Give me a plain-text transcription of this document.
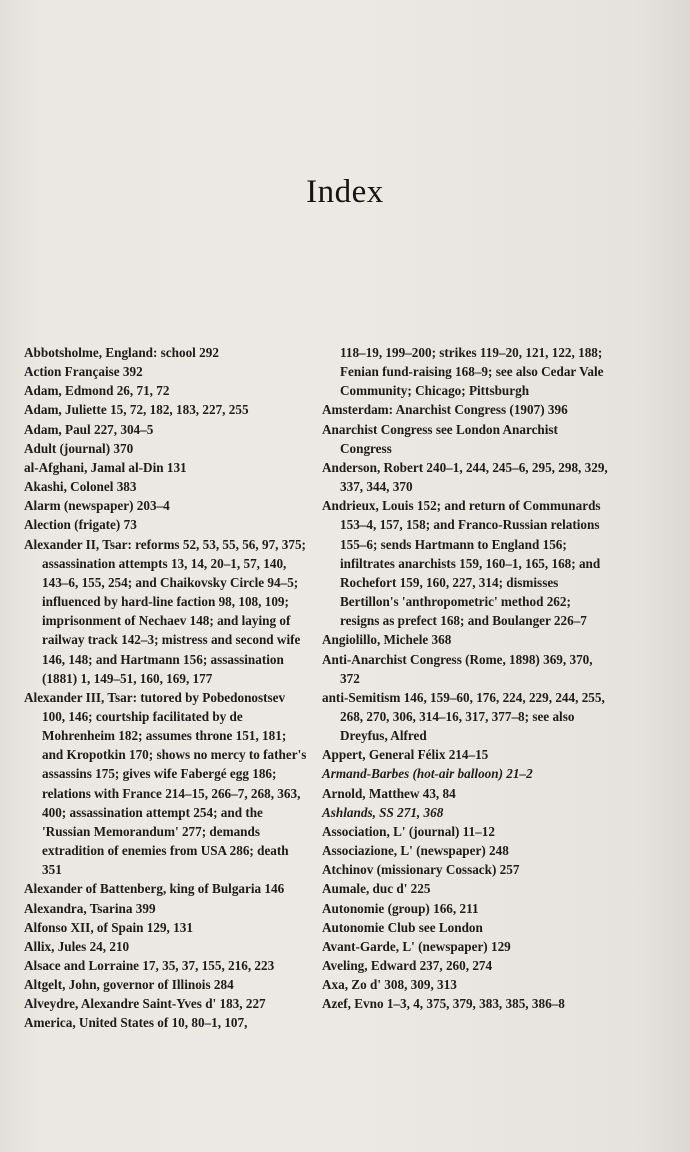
Index

Abbotsholme, England: school 292

Action Française 392

Adam, Edmond 26, 71, 72

Adam, Juliette 15, 72, 182, 183, 227, 255

Adam, Paul 227, 304–5

Adult (journal) 370

al-Afghani, Jamal al-Din 131

Akashi, Colonel 383

Alarm (newspaper) 203–4

Alection (frigate) 73

Alexander II, Tsar: reforms 52, 53, 55, 56, 97, 375; assassination attempts 13, 14, 20–1, 57, 140, 143–6, 155, 254; and Chaikovsky Circle 94–5; influenced by hard-line faction 98, 108, 109; imprisonment of Nechaev 148; and laying of railway track 142–3; mistress and second wife 146, 148; and Hartmann 156; assassination (1881) 1, 149–51, 160, 169, 177

Alexander III, Tsar: tutored by Pobedonostsev 100, 146; courtship facilitated by de Mohrenheim 182; assumes throne 151, 181; and Kropotkin 170; shows no mercy to father's assassins 175; gives wife Fabergé egg 186; relations with France 214–15, 266–7, 268, 363, 400; assassination attempt 254; and the 'Russian Memorandum' 277; demands extradition of enemies from USA 286; death 351

Alexander of Battenberg, king of Bulgaria 146

Alexandra, Tsarina 399

Alfonso XII, of Spain 129, 131

Allix, Jules 24, 210

Alsace and Lorraine 17, 35, 37, 155, 216, 223

Altgelt, John, governor of Illinois 284

Alveydre, Alexandre Saint-Yves d' 183, 227

America, United States of 10, 80–1, 107,

118–19, 199–200; strikes 119–20, 121, 122, 188; Fenian fund-raising 168–9; see also Cedar Vale Community; Chicago; Pittsburgh

Amsterdam: Anarchist Congress (1907) 396

Anarchist Congress see London Anarchist Congress

Anderson, Robert 240–1, 244, 245–6, 295, 298, 329, 337, 344, 370

Andrieux, Louis 152; and return of Communards 153–4, 157, 158; and Franco-Russian relations 155–6; sends Hartmann to England 156; infiltrates anarchists 159, 160–1, 165, 168; and Rochefort 159, 160, 227, 314; dismisses Bertillon's 'anthropometric' method 262; resigns as prefect 168; and Boulanger 226–7

Angiolillo, Michele 368

Anti-Anarchist Congress (Rome, 1898) 369, 370, 372

anti-Semitism 146, 159–60, 176, 224, 229, 244, 255, 268, 270, 306, 314–16, 317, 377–8; see also Dreyfus, Alfred

Appert, General Félix 214–15

Armand-Barbes (hot-air balloon) 21–2

Arnold, Matthew 43, 84

Ashlands, SS 271, 368

Association, L' (journal) 11–12

Associazione, L' (newspaper) 248

Atchinov (missionary Cossack) 257

Aumale, duc d' 225

Autonomie (group) 166, 211

Autonomie Club see London

Avant-Garde, L' (newspaper) 129

Aveling, Edward 237, 260, 274

Axa, Zo d' 308, 309, 313

Azef, Evno 1–3, 4, 375, 379, 383, 385, 386–8
